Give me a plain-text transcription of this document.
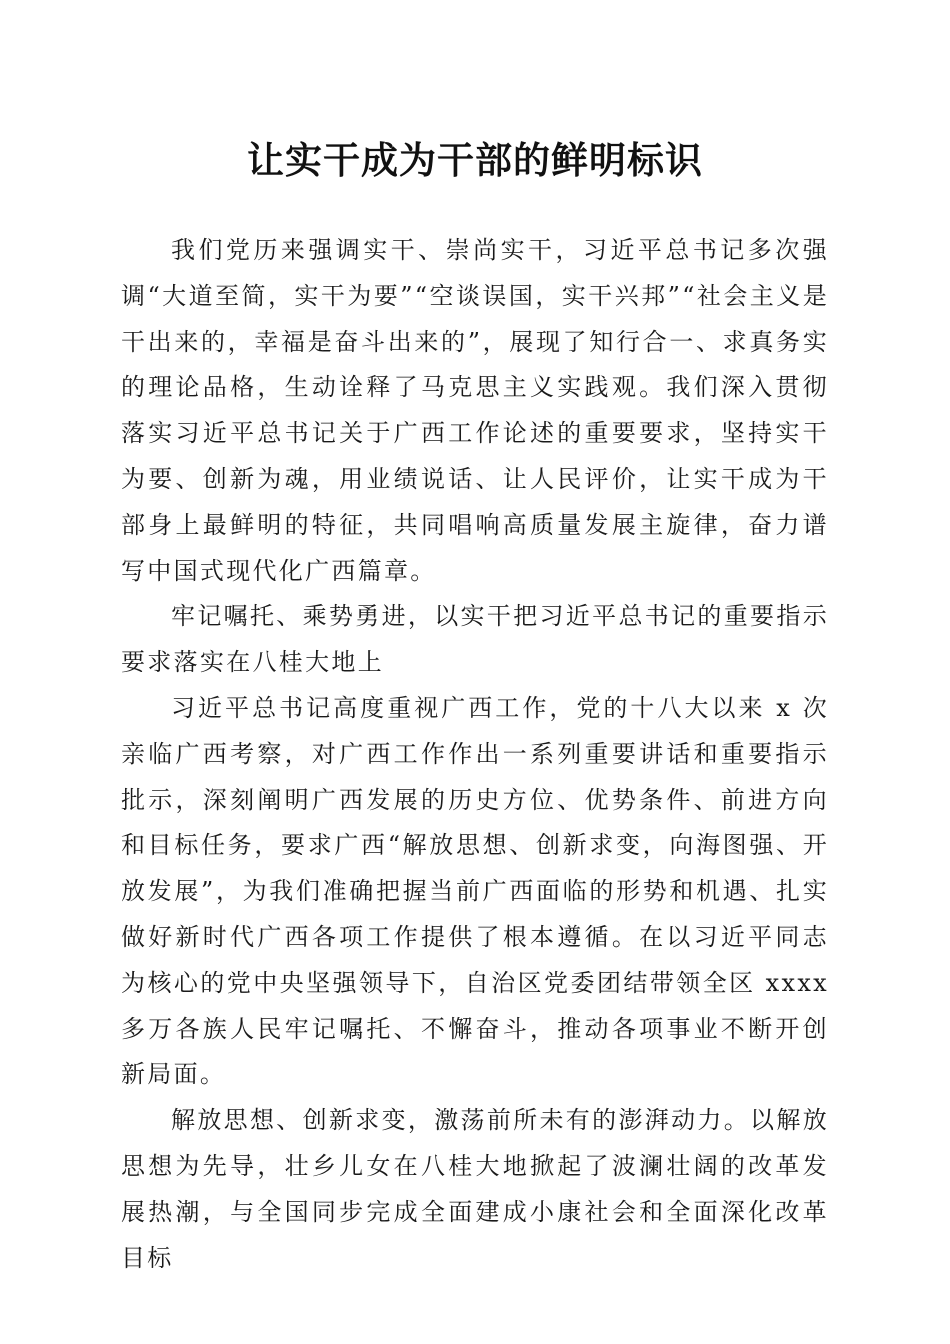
让实干成为干部的鲜明标识

我们党历来强调实干、崇尚实干，习近平总书记多次强调“大道至简，实干为要”“空谈误国，实干兴邦”“社会主义是干出来的，幸福是奋斗出来的”，展现了知行合一、求真务实的理论品格，生动诠释了马克思主义实践观。我们深入贯彻落实习近平总书记关于广西工作论述的重要要求，坚持实干为要、创新为魂，用业绩说话、让人民评价，让实干成为干部身上最鲜明的特征，共同唱响高质量发展主旋律，奋力谱写中国式现代化广西篇章。

牢记嘱托、乘势勇进，以实干把习近平总书记的重要指示要求落实在八桂大地上

习近平总书记高度重视广西工作，党的十八大以来 x 次亲临广西考察，对广西工作作出一系列重要讲话和重要指示批示，深刻阐明广西发展的历史方位、优势条件、前进方向和目标任务，要求广西“解放思想、创新求变，向海图强、开放发展”，为我们准确把握当前广西面临的形势和机遇、扎实做好新时代广西各项工作提供了根本遵循。在以习近平同志为核心的党中央坚强领导下，自治区党委团结带领全区 xxxx 多万各族人民牢记嘱托、不懈奋斗，推动各项事业不断开创新局面。

解放思想、创新求变，激荡前所未有的澎湃动力。以解放思想为先导，壮乡儿女在八桂大地掀起了波澜壮阔的改革发展热潮，与全国同步完成全面建成小康社会和全面深化改革目标
